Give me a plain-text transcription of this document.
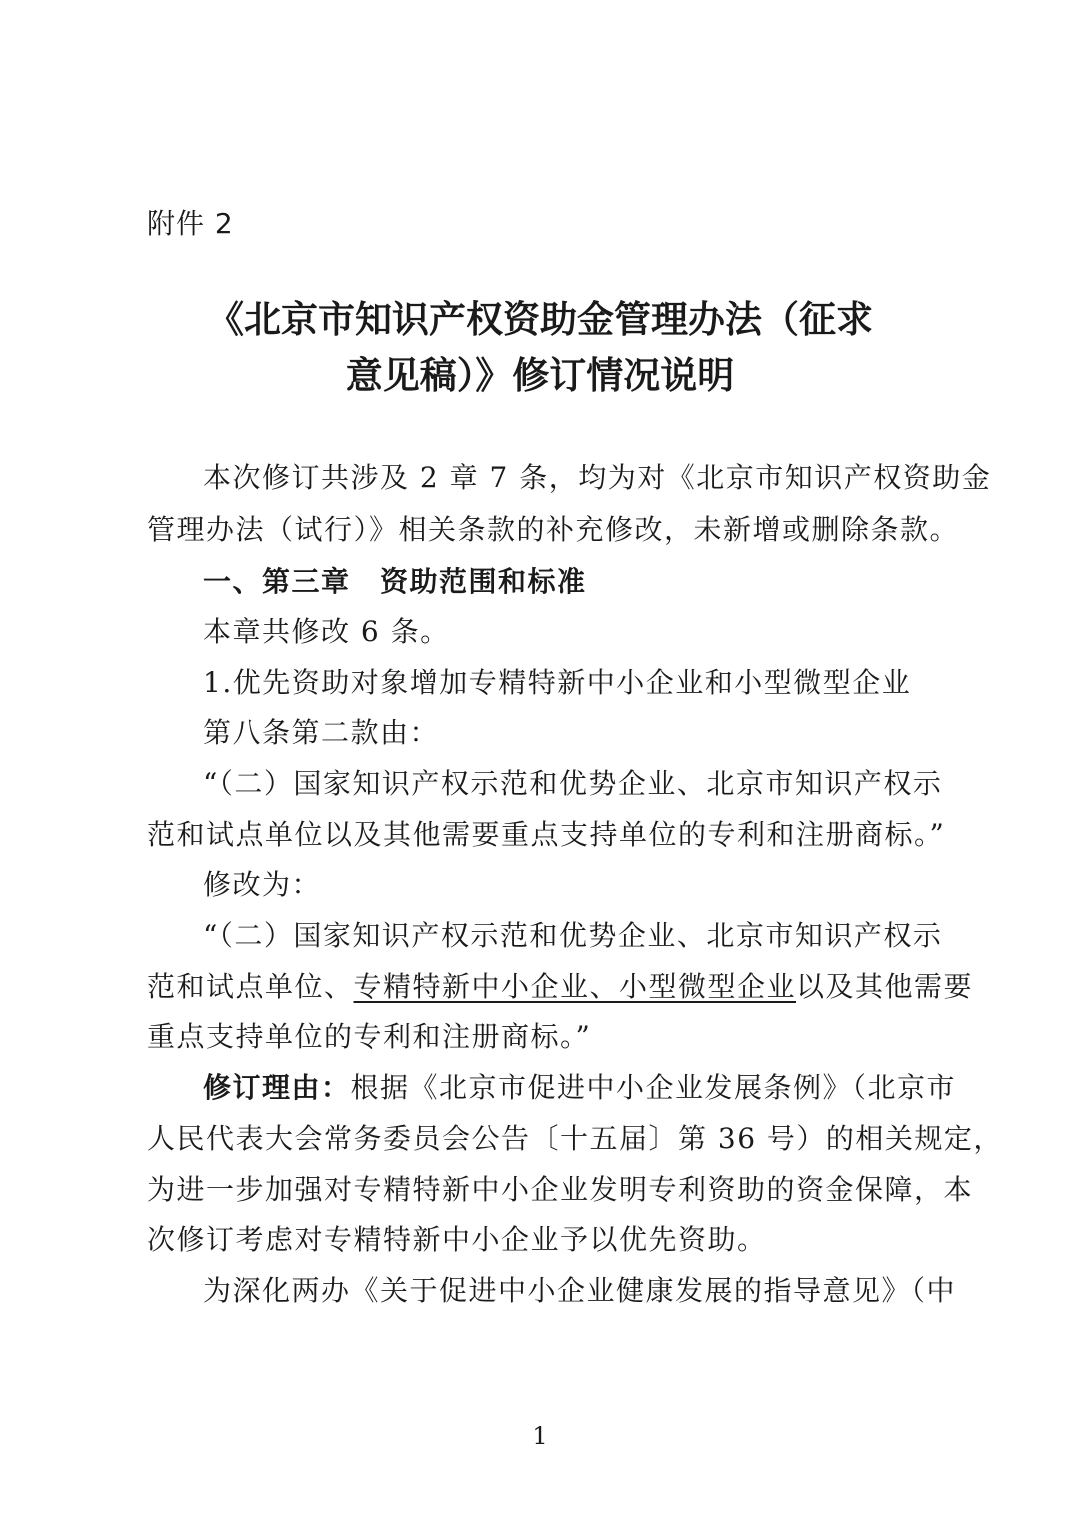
附件 2
《北京市知识产权资助金管理办法（征求
意见稿）》修订情况说明
本次修订共涉及 2 章 7 条，均为对《北京市知识产权资助金
管理办法（试行）》相关条款的补充修改，未新增或删除条款。
一、第三章　资助范围和标准
本章共修改 6 条。
1.优先资助对象增加专精特新中小企业和小型微型企业
第八条第二款由：
“（二）国家知识产权示范和优势企业、北京市知识产权示
范和试点单位以及其他需要重点支持单位的专利和注册商标。”
修改为：
“（二）国家知识产权示范和优势企业、北京市知识产权示
范和试点单位、专精特新中小企业、小型微型企业以及其他需要
重点支持单位的专利和注册商标。”
修订理由：根据《北京市促进中小企业发展条例》（北京市
人民代表大会常务委员会公告〔十五届〕第 36 号）的相关规定，
为进一步加强对专精特新中小企业发明专利资助的资金保障，本
次修订考虑对专精特新中小企业予以优先资助。
为深化两办《关于促进中小企业健康发展的指导意见》（中
1
